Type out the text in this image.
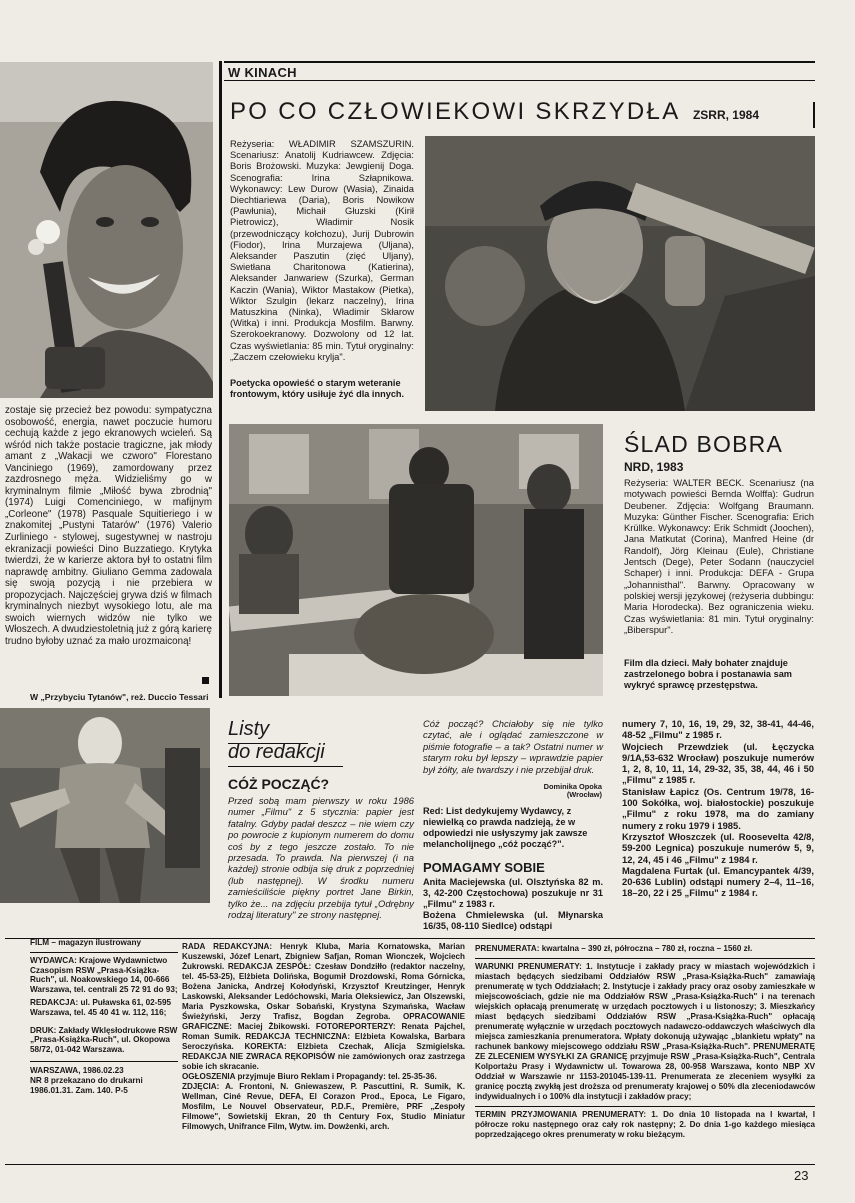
W KINACH
PO CO CZŁOWIEKOWI SKRZYDŁA ZSRR, 1984
Reżyseria: WŁADIMIR SZAMSZURIN. Scenariusz: Anatolij Kudriawcew. Zdjęcia: Boris Brożowski. Muzyka: Jewgienij Doga. Scenografia: Irina Szłapnikowa. Wykonawcy: Lew Durow (Wasia), Zinaida Diechtiariewa (Daria), Boris Nowikow (Pawłunia), Michaił Głuzski (Kirił Pietrowicz), Władimir Nosik (przewodniczący kołchozu), Jurij Dubrowin (Fiodor), Irina Murzajewa (Uljana), Aleksander Paszutin (zięć Uljany), Swietłana Charitonowa (Katierina), Aleksander Janwariew (Szurka), German Kaczin (Wania), Wiktor Mastakow (Pietka), Wiktor Szulgin (lekarz naczelny), Irina Matuszkina (Ninka), Władimir Skłarow (Witka) i inni. Produkcja Mosfilm. Barwny. Szerokoekranowy. Dozwolony od 12 lat. Czas wyświetlania: 85 min. Tytuł oryginalny: „Zaczem czełowieku krylja".
Poetycka opowieść o starym weteranie frontowym, który usiłuje żyć dla innych.
zostaje się przecież bez powodu: sympatyczna osobowość, energia, nawet poczucie humoru cechują każde z jego ekranowych wcieleń. Są wśród nich także postacie tragiczne, jak młody amant z „Wakacji we czworo" Florestano Vanciniego (1969), zamordowany przez zazdrosnego męża. Widzieliśmy go w kryminalnym filmie „Miłość bywa zbrodnią" (1974) Luigi Comenciniego, w mafijnym „Corleone" (1978) Pasquale Squitieriego i w znakomitej „Pustyni Tatarów" (1976) Valerio Zurliniego - stylowej, sugestywnej w nastroju ekranizacji powieści Dino Buzzatiego. Krytyka twierdzi, że w karierze aktora był to ostatni film naprawdę ambitny. Giuliano Gemma zadowala się swoją pozycją i nie przebiera w propozycjach. Najczęściej grywa dziś w filmach kryminalnych niezbyt wysokiego lotu, ale ma swoich wiernych widzów nie tylko we Włoszech. A dwudziestoletnią już z górą karierę trudno byłoby uznać za mało urozmaiconą!
W „Przybyciu Tytanów", reż. Duccio Tessari
ŚLAD BOBRA
NRD, 1983
Reżyseria: WALTER BECK. Scenariusz (na motywach powieści Bernda Wolffa): Gudrun Deubener. Zdjęcia: Wolfgang Braumann. Muzyka: Günther Fischer. Scenografia: Erich Krüllke. Wykonawcy: Erik Schmidt (Joochen), Jana Matkutat (Corina), Manfred Heine (dr Randolf), Jörg Kleinau (Eule), Christiane Jentsch (Dege), Peter Sodann (nauczyciel Schaper) i inni. Produkcja: DEFA - Grupa „Johannisthal". Barwny. Opracowany w polskiej wersji językowej (reżyseria dubbingu: Maria Horodecka). Bez ograniczenia wieku. Czas wyświetlania: 81 min. Tytuł oryginalny: „Biberspur".
Film dla dzieci. Mały bohater znajduje zastrzelonego bobra i postanawia sam wykryć sprawcę przestępstwa.
Listy
do redakcji
CÓŻ POCZĄĆ?
Przed sobą mam pierwszy w roku 1986 numer „Filmu" z 5 stycznia: papier jest fatalny. Gdyby padał deszcz – nie wiem czy po powrocie z kupionym numerem do domu coś by z tego jeszcze zostało. To nie przesada. To prawda. Na pierwszej (i na każdej) stronie odbija się druk z poprzedniej (lub następnej). W środku numeru zamieściliście piękny portret Jane Birkin, tylko że... na zdjęciu przebija tytuł „Odrębny rodzaj literatury" ze strony następnej.
Cóż począć? Chciałoby się nie tylko czytać, ale i oglądać zamieszczone w piśmie fotografie – a tak? Ostatni numer w starym roku był lepszy – wprawdzie papier był żółty, ale twardszy i nie przebijał druk.
Dominika Opoka
(Wrocław)
Red: List dedykujemy Wydawcy, z niewielką co prawda nadzieją, że w odpowiedzi nie usłyszymy jak zawsze melancholijnego „cóż począć?".
POMAGAMY SOBIE
Anita Maciejewska (ul. Olsztyńska 82 m. 3, 42-200 Częstochowa) poszukuje nr 31 „Filmu" z 1983 r.
Bożena Chmielewska (ul. Młynarska 16/35, 08-110 Siedlce) odstąpi
numery 7, 10, 16, 19, 29, 32, 38-41, 44-46, 48-52 „Filmu" z 1985 r.
Wojciech Przewdziek (ul. Łęczycka 9/1A,53-632 Wrocław) poszukuje numerów 1, 2, 8, 10, 11, 14, 29-32, 35, 38, 44, 46 i 50 „Filmu" z 1985 r.
Stanisław Łapicz (Os. Centrum 19/78, 16-100 Sokółka, woj. białostockie) poszukuje „Filmu" z roku 1978, ma do zamiany numery z roku 1979 i 1985.
Krzysztof Włoszczek (ul. Roosevelta 42/8, 59-200 Legnica) poszukuje numerów 5, 9, 12, 24, 45 i 46 „Filmu" z 1984 r.
Magdalena Furtak (ul. Emancypantek 4/39, 20-636 Lublin) odstąpi numery 2–4, 11–16, 18–20, 22 i 25 „Filmu" z 1984 r.
FILM – magazyn ilustrowany
WYDAWCA: Krajowe Wydawnictwo Czasopism RSW „Prasa-Książka-Ruch", ul. Noakowskiego 14, 00-666 Warszawa, tel. centrali 25 72 91 do 93;
REDAKCJA: ul. Puławska 61, 02-595 Warszawa, tel. 45 40 41 w. 112, 116;
DRUK: Zakłady Wklęsłodrukowe RSW „Prasa-Książka-Ruch", ul. Okopowa 58/72, 01-042 Warszawa.
WARSZAWA, 1986.02.23
NR 8 przekazano do drukarni 1986.01.31. Zam. 140. P-5
RADA REDAKCYJNA: Henryk Kluba, Maria Kornatowska, Marian Kuszewski, Józef Lenart, Zbigniew Safjan, Roman Wionczek, Wojciech Żukrowski. REDAKCJA ZESPÓŁ: Czesław Dondziłło (redaktor naczelny, tel. 45-53-25), Elżbieta Dolińska, Bogumił Drozdowski, Roma Górnicka, Bożena Janicka, Andrzej Kołodyński, Krzysztof Kreutzinger, Henryk Laskowski, Aleksander Ledóchowski, Maria Oleksiewicz, Jan Olszewski, Maria Pyszkowska, Oskar Sobański, Krystyna Szymańska, Wacław Świeżyński, Jerzy Trafisz, Bogdan Zegroba. OPRACOWANIE GRAFICZNE: Maciej Żbikowski. FOTOREPORTERZY: Renata Pajchel, Roman Sumik. REDAKCJA TECHNICZNA: Elżbieta Kowalska, Barbara Seroczyńska. KOREKTA: Elżbieta Czechak, Alicja Szmigielska. REDAKCJA NIE ZWRACA RĘKOPISÓW nie zamówionych oraz zastrzega sobie ich skracanie.
OGŁOSZENIA przyjmuje Biuro Reklam i Propagandy: tel. 25-35-36.
ZDJĘCIA: A. Frontoni, N. Gniewaszew, P. Pascuttini, R. Sumik, K. Wellman, Ciné Revue, DEFA, El Corazon Prod., Epoca, Le Figaro, Mosfilm, Le Nouvel Observateur, P.D.F., Première, PRF „Zespoły Filmowe", Sowietskij Ekran, 20 th Century Fox, Studio Miniatur Filmowych, Unifrance Film, Wytw. im. Dowżenki, arch.
PRENUMERATA: kwartalna – 390 zł, półroczna – 780 zł, roczna – 1560 zł.
WARUNKI PRENUMERATY: 1. Instytucje i zakłady pracy w miastach wojewódzkich i miastach będących siedzibami Oddziałów RSW „Prasa-Książka-Ruch" zamawiają prenumeratę w tych Oddziałach; 2. Instytucje i zakłady pracy oraz osoby zamieszkałe w miejscowościach, gdzie nie ma Oddziałów RSW „Prasa-Książka-Ruch" i na terenach wiejskich opłacają prenumeratę w urzędach pocztowych i u listonoszy; 3. Mieszkańcy miast będących siedzibami Oddziałów RSW „Prasa-Książka-Ruch" opłacają prenumeratę wyłącznie w urzędach pocztowych nadawczo-oddawczych właściwych dla miejsca zamieszkania prenumeratora. Wpłaty dokonują używając „blankietu wpłaty" na rachunek bankowy miejscowego oddziału RSW „Prasa-Książka-Ruch". PRENUMERATĘ ZE ZLECENIEM WYSYŁKI ZA GRANICĘ przyjmuje RSW „Prasa-Książka-Ruch", Centrala Kolportażu Prasy i Wydawnictw ul. Towarowa 28, 00-958 Warszawa, konto NBP XV Oddział w Warszawie nr 1153-201045-139-11. Prenumerata ze zleceniem wysyłki za granicę pocztą zwykłą jest droższa od prenumeraty krajowej o 50% dla zleceniodawców indywidualnych i o 100% dla instytucji i zakładów pracy;
TERMIN PRZYJMOWANIA PRENUMERATY: 1. Do dnia 10 listopada na I kwartał, I półrocze roku następnego oraz cały rok następny; 2. Do dnia 1-go każdego miesiąca poprzedzającego okres prenumeraty w roku bieżącym.
23
